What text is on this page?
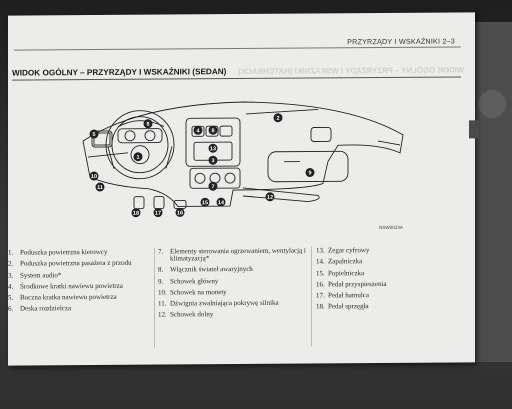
PRZYRZĄDY I WSKAŹNIKI 2–3
WIDOK OGÓLNY – PRZYRZĄDY I WSKAŹNIKI (SEDAN) WIDOK OGÓLNY – PRZYRZĄDY I WSKAŹNIKI (HATCHBACK)
1
2
3
4
5
6
7
8
9
10
11
12
13
14
15
16
17
18
NSW0024A
1. Poduszka powietrzna kierowcy
2. Poduszka powietrzna pasażera z przodu
3. System audio*
4. Środkowe kratki nawiewu powietrza
5. Boczna kratka nawiewu powietrza
6. Deska rozdzielcza
7. Elementy sterowania ogrzewaniem, wentylacją i klimatyzacją*
8. Włącznik świateł awaryjnych
9. Schowek główny
10. Schowek na monety
11. Dźwignia zwalniająca pokrywę silnika
12. Schowek dolny
13. Zegar cyfrowy
14. Zapalniczka
15. Popielniczka
16. Pedał przyspieszenia
17. Pedał hamulca
18. Pedał sprzęgła
